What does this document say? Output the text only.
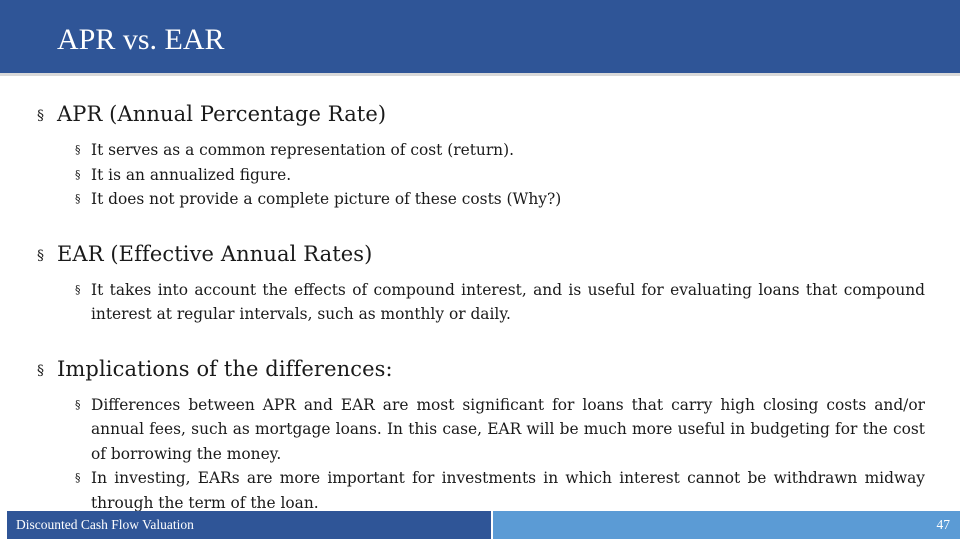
APR vs. EAR
§ APR (Annual Percentage Rate)
§ It serves as a common representation of cost (return).
§ It is an annualized figure.
§ It does not provide a complete picture of these costs (Why?)
§ EAR (Effective Annual Rates)
§ It takes into account the effects of compound interest, and is useful for evaluating loans that compound interest at regular intervals, such as monthly or daily.
§ Implications of the differences:
§ Differences between APR and EAR are most significant for loans that carry high closing costs and/or annual fees, such as mortgage loans. In this case, EAR will be much more useful in budgeting for the cost of borrowing the money.
§ In investing, EARs are more important for investments in which interest cannot be withdrawn midway through the term of the loan.
Discounted Cash Flow Valuation	47
